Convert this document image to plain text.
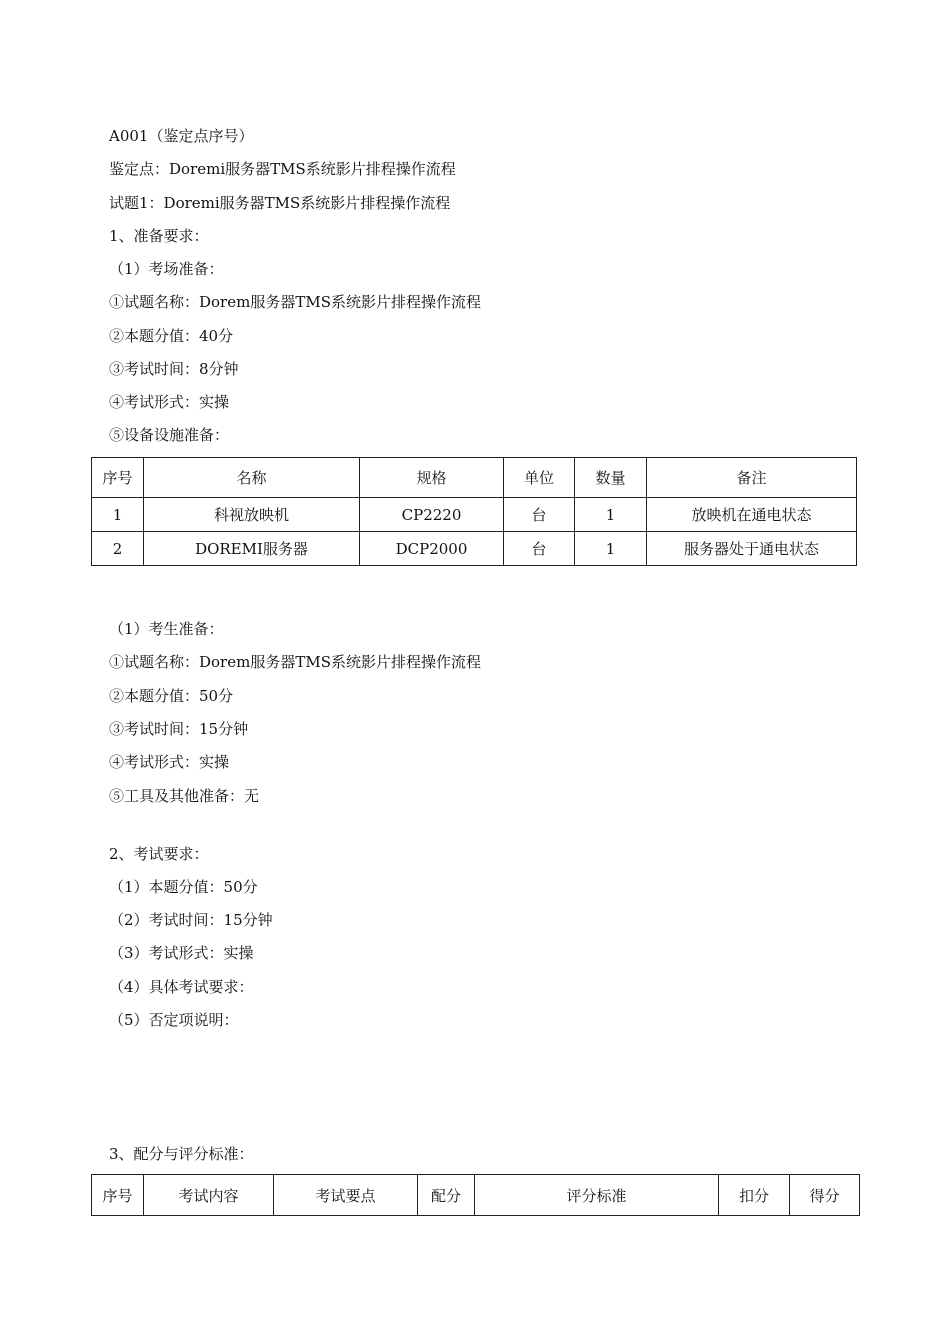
A001（鉴定点序号）
鉴定点：Doremi服务器TMS系统影片排程操作流程
试题1：Doremi服务器TMS系统影片排程操作流程
1、准备要求：
（1）考场准备：
①试题名称：Dorem服务器TMS系统影片排程操作流程
②本题分值：40分
③考试时间：8分钟
④考试形式：实操
⑤设备设施准备：
序号	名称	规格	单位	数量	备注
1	科视放映机	CP2220	台	1	放映机在通电状态
2	DOREMI服务器	DCP2000	台	1	服务器处于通电状态
（1）考生准备：
①试题名称：Dorem服务器TMS系统影片排程操作流程
②本题分值：50分
③考试时间：15分钟
④考试形式：实操
⑤工具及其他准备：无
2、考试要求：
（1）本题分值：50分
（2）考试时间：15分钟
（3）考试形式：实操
（4）具体考试要求：
（5）否定项说明：
3、配分与评分标准：
序号	考试内容	考试要点	配分	评分标准	扣分	得分
